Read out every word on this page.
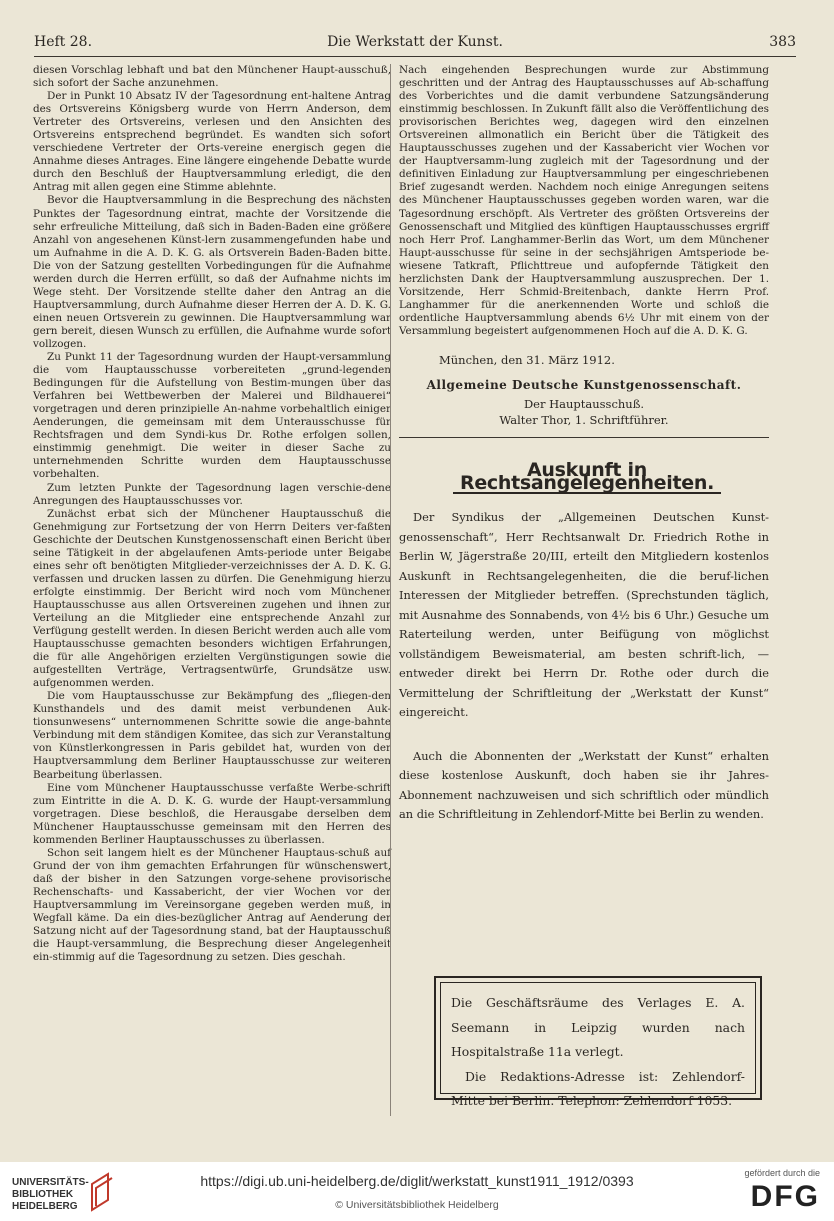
Heft 28.	Die Werkstatt der Kunst.	383

diesen Vorschlag lebhaft und bat den Münchener Haupt-ausschuß, sich sofort der Sache anzunehmen.

Der in Punkt 10 Absatz IV der Tagesordnung ent-haltene Antrag des Ortsvereins Königsberg wurde von Herrn Anderson, dem Vertreter des Ortsvereins, verlesen und den Ansichten des Ortsvereins entsprechend begründet. Es wandten sich sofort verschiedene Vertreter der Orts-vereine energisch gegen die Annahme dieses Antrages. Eine längere eingehende Debatte wurde durch den Beschluß der Hauptversammlung erledigt, die den Antrag mit allen gegen eine Stimme ablehnte.

Bevor die Hauptversammlung in die Besprechung des nächsten Punktes der Tagesordnung eintrat, machte der Vorsitzende die sehr erfreuliche Mitteilung, daß sich in Baden-Baden eine größere Anzahl von angesehenen Künst-lern zusammengefunden habe und um Aufnahme in die A. D. K. G. als Ortsverein Baden-Baden bitte. Die von der Satzung gestellten Vorbedingungen für die Aufnahme werden durch die Herren erfüllt, so daß der Aufnahme nichts im Wege steht. Der Vorsitzende stellte daher den Antrag an die Hauptversammlung, durch Aufnahme dieser Herren der A. D. K. G. einen neuen Ortsverein zu gewinnen. Die Hauptversammlung war gern bereit, diesen Wunsch zu erfüllen, die Aufnahme wurde sofort vollzogen.

Zu Punkt 11 der Tagesordnung wurden der Haupt-versammlung die vom Hauptausschusse vorbereiteten „grund-legenden Bedingungen für die Aufstellung von Bestim-mungen über das Verfahren bei Wettbewerben der Malerei und Bildhauerei“ vorgetragen und deren prinzipielle An-nahme vorbehaltlich einiger Aenderungen, die gemeinsam mit dem Unterausschusse für Rechtsfragen und dem Syndi-kus Dr. Rothe erfolgen sollen, einstimmig genehmigt. Die weiter in dieser Sache zu unternehmenden Schritte wurden dem Hauptausschusse vorbehalten.

Zum letzten Punkte der Tagesordnung lagen verschie-dene Anregungen des Hauptausschusses vor.

Zunächst erbat sich der Münchener Hauptausschuß die Genehmigung zur Fortsetzung der von Herrn Deiters ver-faßten Geschichte der Deutschen Kunstgenossenschaft einen Bericht über seine Tätigkeit in der abgelaufenen Amts-periode unter Beigabe eines sehr oft benötigten Mitglieder-verzeichnisses der A. D. K. G. verfassen und drucken lassen zu dürfen. Die Genehmigung hierzu erfolgte einstimmig. Der Bericht wird noch vom Münchener Hauptausschusse aus allen Ortsvereinen zugehen und ihnen zur Verteilung an die Mitglieder eine entsprechende Anzahl zur Verfügung gestellt werden. In diesen Bericht werden auch alle vom Hauptausschusse gemachten besonders wichtigen Erfahrungen, die für alle Angehörigen erzielten Vergünstigungen sowie die aufgestellten Verträge, Vertragsentwürfe, Grundsätze usw. aufgenommen werden.

Die vom Hauptausschusse zur Bekämpfung des „fliegen-den Kunsthandels und des damit meist verbundenen Auk-tionsunwesens“ unternommenen Schritte sowie die ange-bahnte Verbindung mit dem ständigen Komitee, das sich zur Veranstaltung von Künstlerkongressen in Paris gebildet hat, wurden von der Hauptversammlung dem Berliner Hauptausschusse zur weiteren Bearbeitung überlassen.

Eine vom Münchener Hauptausschusse verfaßte Werbe-schrift zum Eintritte in die A. D. K. G. wurde der Haupt-versammlung vorgetragen. Diese beschloß, die Herausgabe derselben dem Münchener Hauptausschusse gemeinsam mit den Herren des kommenden Berliner Hauptausschusses zu überlassen.

Schon seit langem hielt es der Münchener Hauptaus-schuß auf Grund der von ihm gemachten Erfahrungen für wünschenswert, daß der bisher in den Satzungen vorge-sehene provisorische Rechenschafts- und Kassabericht, der vier Wochen vor der Hauptversammlung im Vereinsorgane gegeben werden muß, in Wegfall käme. Da ein dies-bezüglicher Antrag auf Aenderung der Satzung nicht auf der Tagesordnung stand, bat der Hauptausschuß die Haupt-versammlung, die Besprechung dieser Angelegenheit ein-stimmig auf die Tagesordnung zu setzen. Dies geschah.

Nach eingehenden Besprechungen wurde zur Abstimmung geschritten und der Antrag des Hauptausschusses auf Ab-schaffung des Vorberichtes und die damit verbundene Satzungsänderung einstimmig beschlossen. In Zukunft fällt also die Veröffentlichung des provisorischen Berichtes weg, dagegen wird den einzelnen Ortsvereinen allmonatlich ein Bericht über die Tätigkeit des Hauptausschusses zugehen und der Kassabericht vier Wochen vor der Hauptversamm-lung zugleich mit der Tagesordnung und der definitiven Einladung zur Hauptversammlung per eingeschriebenen Brief zugesandt werden. Nachdem noch einige Anregungen seitens des Münchener Hauptausschusses gegeben worden waren, war die Tagesordnung erschöpft. Als Vertreter des größten Ortsvereins der Genossenschaft und Mitglied des künftigen Hauptausschusses ergriff noch Herr Prof. Langhammer-Berlin das Wort, um dem Münchener Haupt-ausschusse für seine in der sechsjährigen Amtsperiode be-wiesene Tatkraft, Pflichttreue und aufopfernde Tätigkeit den herzlichsten Dank der Hauptversammlung auszusprechen. Der 1. Vorsitzende, Herr Schmid-Breitenbach, dankte Herrn Prof. Langhammer für die anerkennenden Worte und schloß die ordentliche Hauptversammlung abends 6½ Uhr mit einem von der Versammlung begeistert aufgenommenen Hoch auf die A. D. K. G.

München, den 31. März 1912.
Allgemeine Deutsche Kunstgenossenschaft.
Der Hauptausschuß.
Walter Thor, 1. Schriftführer.
Auskunft in Rechtsangelegenheiten.

Der Syndikus der „Allgemeinen Deutschen Kunst-genossenschaft“, Herr Rechtsanwalt Dr. Friedrich Rothe in Berlin W, Jägerstraße 20/III, erteilt den Mitgliedern kostenlos Auskunft in Rechtsangelegenheiten, die die beruf-lichen Interessen der Mitglieder betreffen. (Sprechstunden täglich, mit Ausnahme des Sonnabends, von 4½ bis 6 Uhr.) Gesuche um Raterteilung werden, unter Beifügung von möglichst vollständigem Beweismaterial, am besten schrift-lich, — entweder direkt bei Herrn Dr. Rothe oder durch die Vermittelung der Schriftleitung der „Werkstatt der Kunst“ eingereicht.

Auch die Abonnenten der „Werkstatt der Kunst“ erhalten diese kostenlose Auskunft, doch haben sie ihr Jahres-Abonnement nachzuweisen und sich schriftlich oder mündlich an die Schriftleitung in Zehlendorf-Mitte bei Berlin zu wenden.

Die Geschäftsräume des Verlages E. A. Seemann in Leipzig wurden nach Hospitalstraße 11a verlegt.

Die Redaktions-Adresse ist: Zehlendorf-Mitte bei Berlin. Telephon: Zehlendorf 1053.

UNIVERSITÄTS-
BIBLIOTHEK
HEIDELBERG
https://digi.ub.uni-heidelberg.de/diglit/werkstatt_kunst1911_1912/0393
© Universitätsbibliothek Heidelberg
gefördert durch die
DFG
